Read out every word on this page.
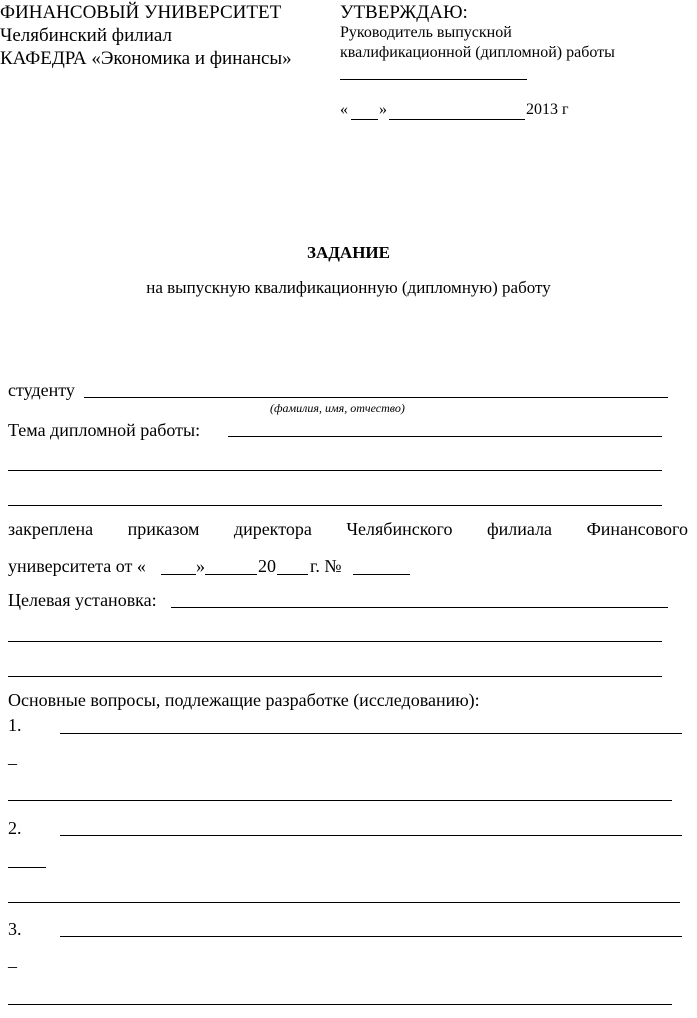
ФИНАНСОВЫЙ УНИВЕРСИТЕТ
Челябинский филиал
КАФЕДРА «Экономика и финансы»
УТВЕРЖДАЮ:
Руководитель выпускной
квалификационной (дипломной) работы
« »	2013 г
ЗАДАНИЕ
на выпускную квалификационную (дипломную) работу
студенту
(фамилия, имя, отчество)
Тема дипломной работы:
закреплена приказом директора Челябинского филиала Финансового
университета от «	»	20 г. №
Целевая установка:
Основные вопросы, подлежащие разработке (исследованию):
1.
–
2.
3.
–
